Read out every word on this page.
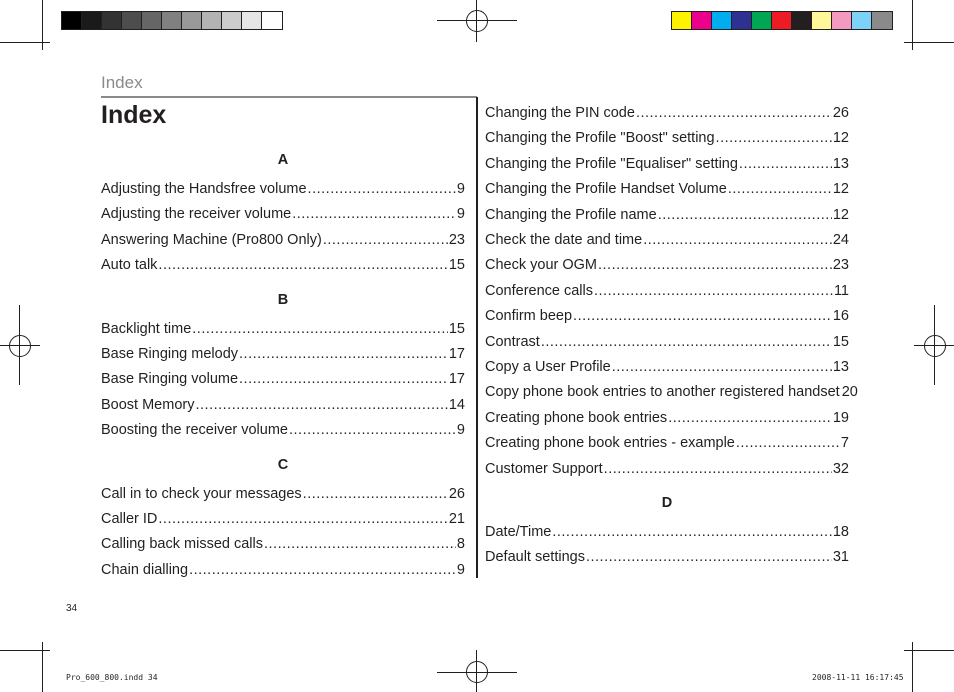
Index
Index
A
Adjusting the Handsfree volume .....	9
Adjusting the receiver volume .....	9
Answering Machine (Pro800 Only) .....	23
Auto talk .....	15
B
Backlight time .....	15
Base Ringing melody .....	17
Base Ringing volume .....	17
Boost Memory .....	14
Boosting the receiver volume .....	9
C
Call in to check your messages .....	26
Caller ID .....	21
Calling back missed calls .....	8
Chain dialling .....	9
Changing the PIN code .....	26
Changing the Profile "Boost" setting .....	12
Changing the Profile "Equaliser" setting .....	13
Changing the Profile Handset Volume .....	12
Changing the Profile name .....	12
Check the date and time .....	24
Check your OGM .....	23
Conference calls .....	11
Confirm beep .....	16
Contrast .....	15
Copy a User Profile .....	13
Copy phone book entries to another registered handset 20
Creating phone book entries .....	19
Creating phone book entries - example .....	7
Customer Support .....	32
D
Date/Time .....	18
Default settings .....	31
34
Pro_600_800.indd 34	2008-11-11 16:17:45
